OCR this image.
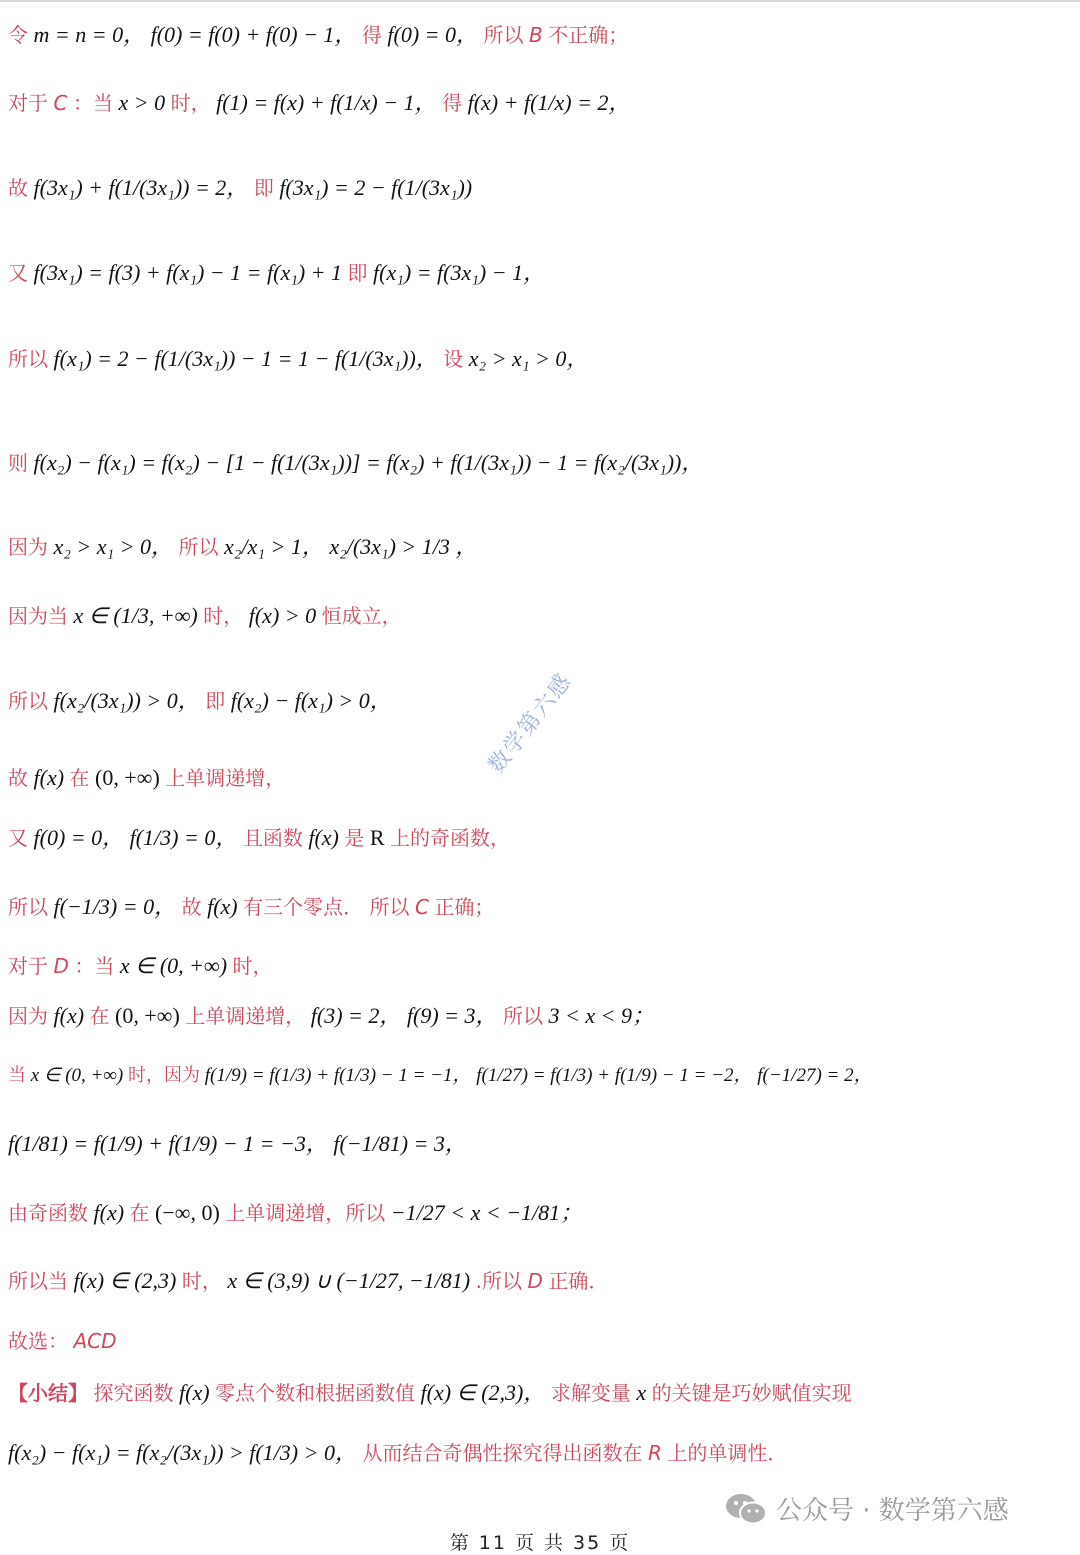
令 m = n = 0， f(0) = f(0) + f(0) − 1， 得 f(0) = 0， 所以 B 不正确；
对于 C ：当 x > 0 时， f(1) = f(x) + f(1/x) − 1， 得 f(x) + f(1/x) = 2，
故 f(3x₁) + f(1/(3x₁)) = 2， 即 f(3x₁) = 2 − f(1/(3x₁))
又 f(3x₁) = f(3) + f(x₁) − 1 = f(x₁) + 1 即 f(x₁) = f(3x₁) − 1，
所以 f(x₁) = 2 − f(1/(3x₁)) − 1 = 1 − f(1/(3x₁))， 设 x₂ > x₁ > 0，
则 f(x₂) − f(x₁) = f(x₂) − [1 − f(1/(3x₁))] = f(x₂) + f(1/(3x₁)) − 1 = f(x₂/(3x₁))，
因为 x₂ > x₁ > 0， 所以 x₂/x₁ > 1， x₂/(3x₁) > 1/3 ，
因为当 x ∈ (1/3, +∞) 时， f(x) > 0 恒成立，
所以 f(x₂/(3x₁)) > 0， 即 f(x₂) − f(x₁) > 0，
故 f(x) 在 (0, +∞) 上单调递增，
又 f(0) = 0， f(1/3) = 0， 且函数 f(x) 是 R 上的奇函数，
所以 f(−1/3) = 0， 故 f(x) 有三个零点． 所以 C 正确；
对于 D ：当 x ∈ (0, +∞) 时，
因为 f(x) 在 (0, +∞) 上单调递增， f(3) = 2， f(9) = 3， 所以 3 < x < 9；
当 x ∈ (0, +∞) 时，因为 f(1/9) = f(1/3) + f(1/3) − 1 = −1， f(1/27) = f(1/3) + f(1/9) − 1 = −2， f(−1/27) = 2，
f(1/81) = f(1/9) + f(1/9) − 1 = −3， f(−1/81) = 3，
由奇函数 f(x) 在 (−∞, 0) 上单调递增，所以 −1/27 < x < −1/81；
所以当 f(x) ∈ (2,3) 时， x ∈ (3,9) ∪ (−1/27, −1/81) .所以 D 正确．
故选： ACD
【小结】 探究函数 f(x) 零点个数和根据函数值 f(x) ∈ (2,3)， 求解变量 x 的关键是巧妙赋值实现
f(x₂) − f(x₁) = f(x₂/(3x₁)) > f(1/3) > 0， 从而结合奇偶性探究得出函数在 R 上的单调性．
数学第六感
公众号 · 数学第六感
第 11 页 共 35 页
